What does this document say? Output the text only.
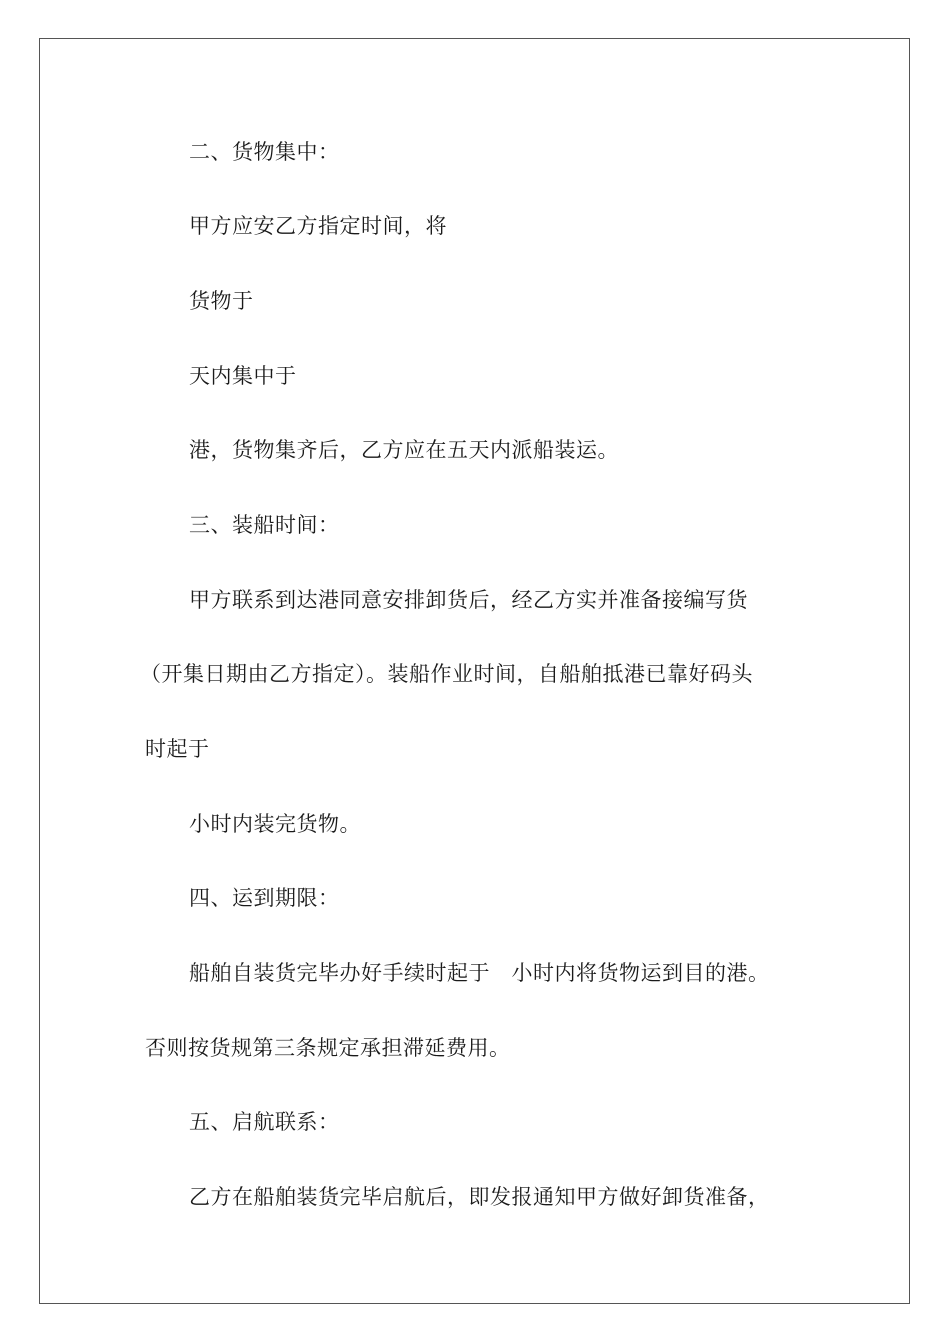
二、货物集中：
甲方应安乙方指定时间，将
货物于
天内集中于
港，货物集齐后，乙方应在五天内派船装运。
三、装船时间：
甲方联系到达港同意安排卸货后，经乙方实并准备接编写货
（开集日期由乙方指定）。装船作业时间，自船舶抵港已靠好码头
时起于
小时内装完货物。
四、运到期限：
船舶自装货完毕办好手续时起于　小时内将货物运到目的港。
否则按货规第三条规定承担滞延费用。
五、启航联系：
乙方在船舶装货完毕启航后，即发报通知甲方做好卸货准备，
